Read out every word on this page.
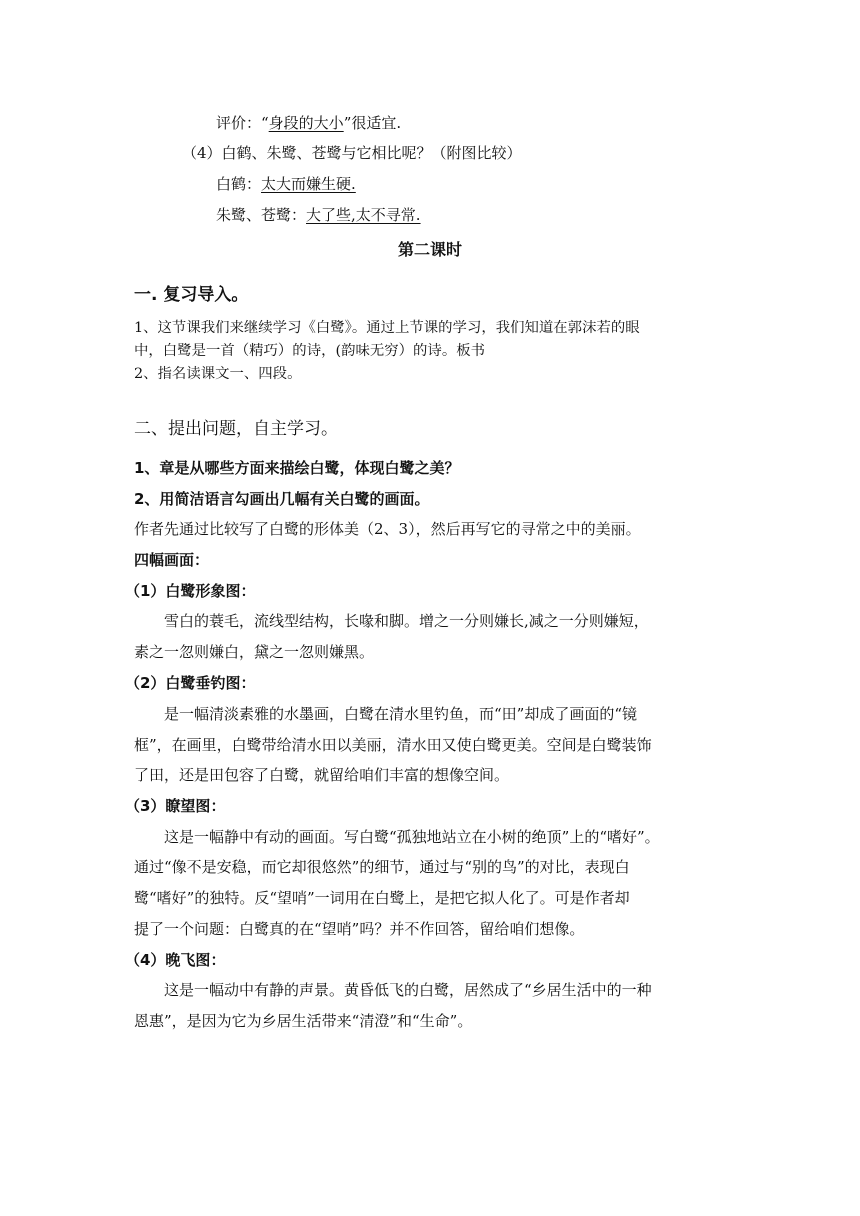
评价：“身段的大小”很适宜.
（4）白鹤、朱鹭、苍鹭与它相比呢？（附图比较）
白鹤：太大而嫌生硬.
朱鹭、苍鹭：大了些,太不寻常.
第二课时
一. 复习导入。
1、这节课我们来继续学习《白鹭》。通过上节课的学习，我们知道在郭沫若的眼
中，白鹭是一首（精巧）的诗，(韵味无穷）的诗。板书
2、指名读课文一、四段。
二、提出问题，自主学习。
1、章是从哪些方面来描绘白鹭，体现白鹭之美？
2、用简洁语言勾画出几幅有关白鹭的画面。
作者先通过比较写了白鹭的形体美（2、3），然后再写它的寻常之中的美丽。
四幅画面：
（1）白鹭形象图：
雪白的蓑毛，流线型结构，长喙和脚。增之一分则嫌长,减之一分则嫌短，
素之一忽则嫌白，黛之一忽则嫌黑。
（2）白鹭垂钓图：
是一幅清淡素雅的水墨画，白鹭在清水里钓鱼，而“田”却成了画面的“镜
框”，在画里，白鹭带给清水田以美丽，清水田又使白鹭更美。空间是白鹭装饰
了田，还是田包容了白鹭，就留给咱们丰富的想像空间。
（3）瞭望图：
这是一幅静中有动的画面。写白鹭“孤独地站立在小树的绝顶”上的“嗜好”。
通过“像不是安稳，而它却很悠然”的细节，通过与“别的鸟”的对比，表现白
鹭“嗜好”的独特。反“望哨”一词用在白鹭上，是把它拟人化了。可是作者却
提了一个问题：白鹭真的在“望哨”吗？并不作回答，留给咱们想像。
（4）晚飞图：
这是一幅动中有静的声景。黄昏低飞的白鹭，居然成了“乡居生活中的一种
恩惠”，是因为它为乡居生活带来“清澄”和“生命”。
